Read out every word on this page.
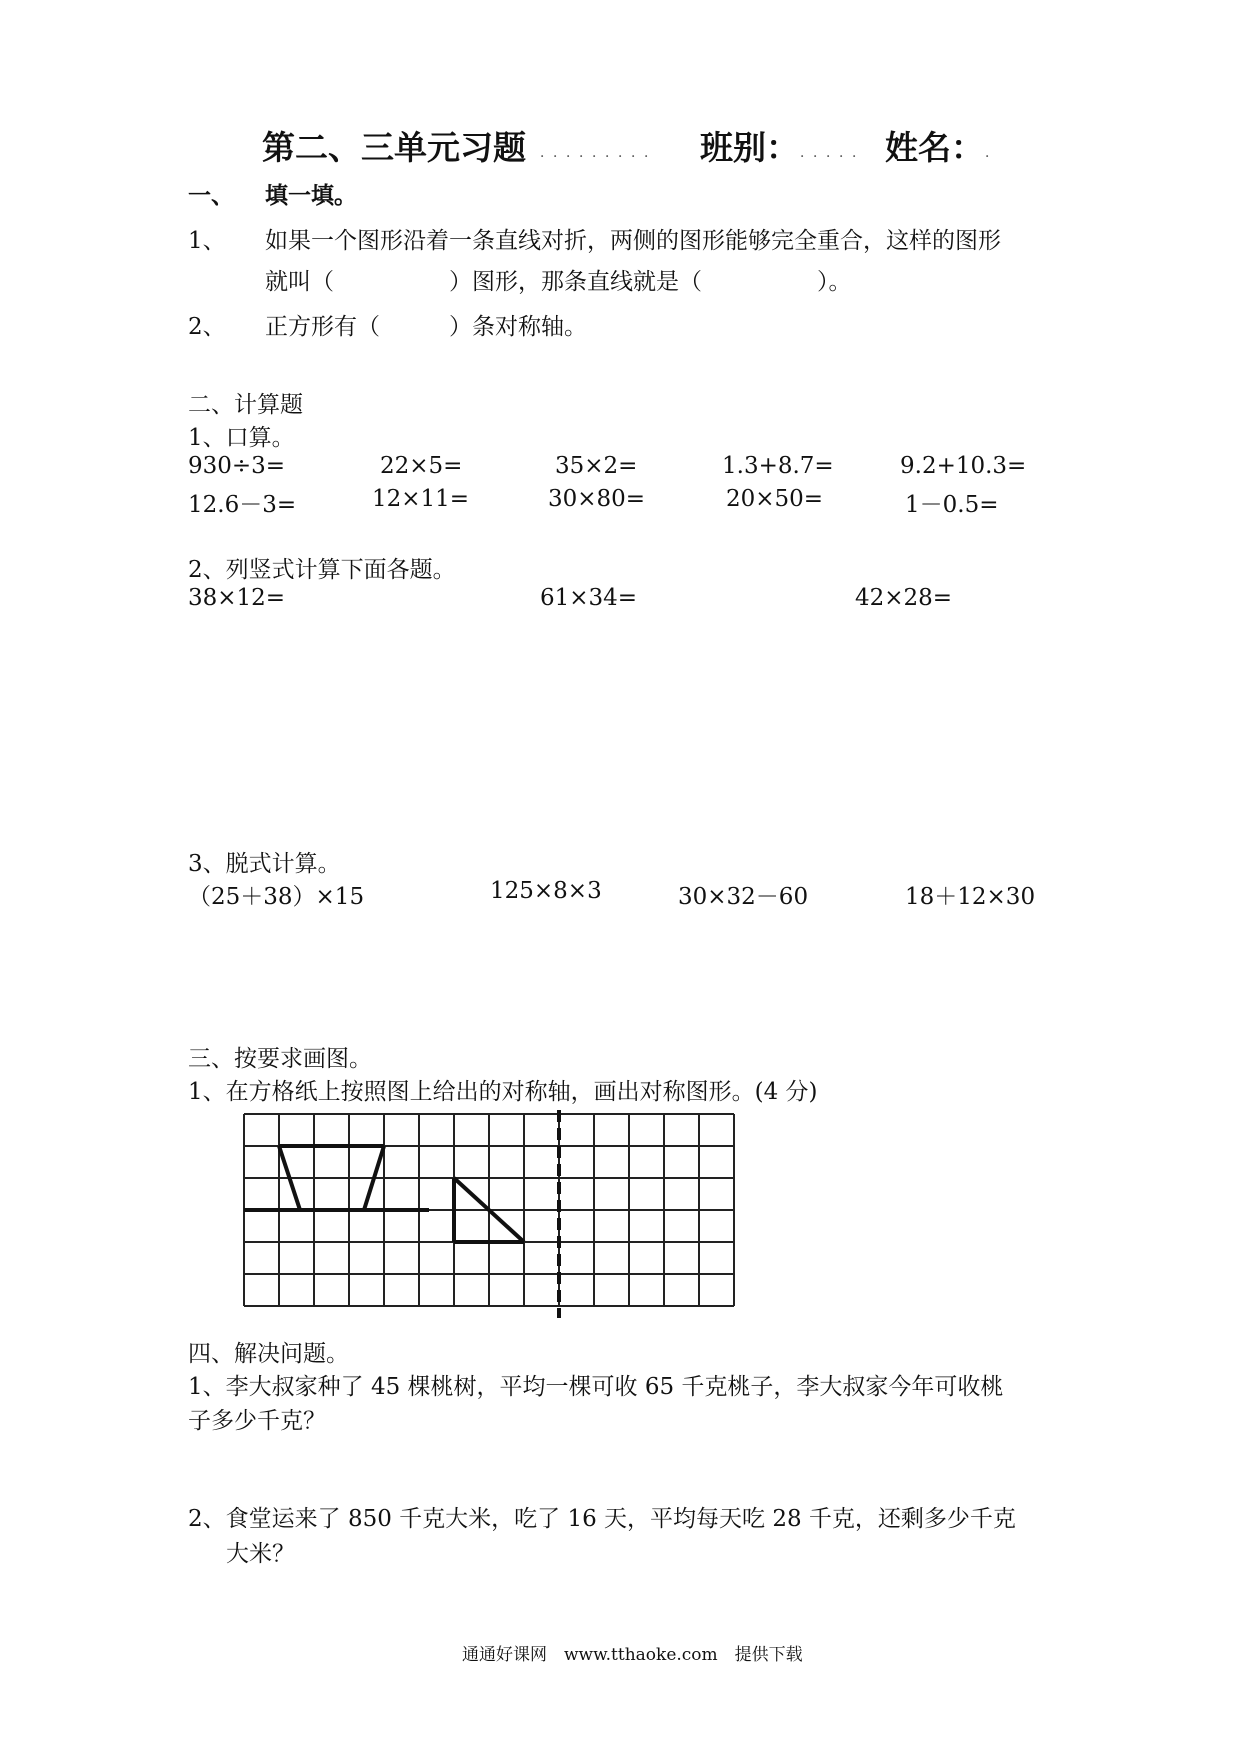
第二、三单元习题 ．．．．．．．．． 班别： ．．．．． 姓名： ．
一、 填一填。
1、 如果一个图形沿着一条直线对折，两侧的图形能够完全重合，这样的图形
就叫（　　　　　）图形，那条直线就是（　　　　　）。
2、 正方形有（　　　）条对称轴。
二、计算题
1、口算。
930÷3=	22×5=	35×2=	1.3+8.7=	9.2+10.3=
12.6－3=	12×11=	30×80=	20×50=	1－0.5=
2、列竖式计算下面各题。
38×12=	61×34=	42×28=
3、脱式计算。
（25＋38）×15	125×8×3	30×32－60	18＋12×30
三、按要求画图。
1、在方格纸上按照图上给出的对称轴，画出对称图形。(4 分)
四、解决问题。
1、李大叔家种了 45 棵桃树，平均一棵可收 65 千克桃子，李大叔家今年可收桃
子多少千克？
2、食堂运来了 850 千克大米，吃了 16 天，平均每天吃 28 千克，还剩多少千克
大米？
通通好课网　www.tthaoke.com　提供下载
